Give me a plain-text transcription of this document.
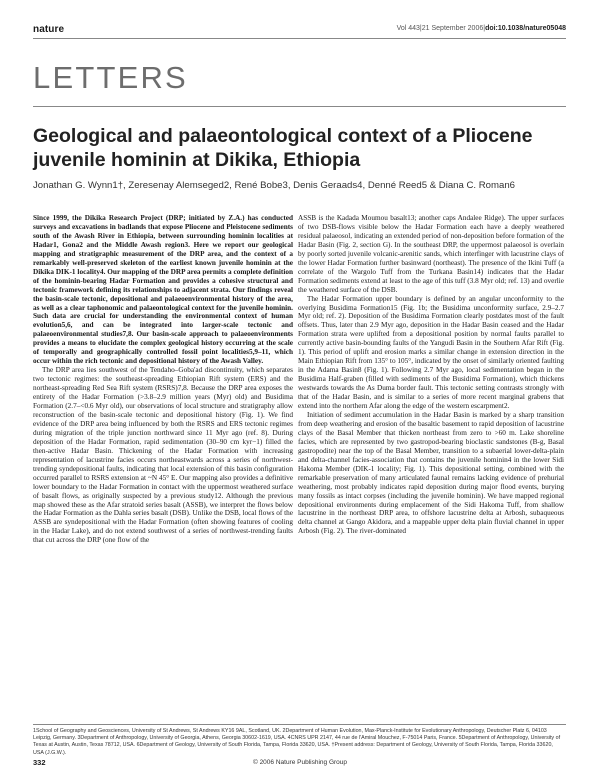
nature	Vol 443|21 September 2006|doi:10.1038/nature05048
LETTERS
Geological and palaeontological context of a Pliocene juvenile hominin at Dikika, Ethiopia
Jonathan G. Wynn1†, Zeresenay Alemseged2, René Bobe3, Denis Geraads4, Denné Reed5 & Diana C. Roman6

Since 1999, the Dikika Research Project (DRP; initiated by Z.A.) has conducted surveys and excavations in badlands that expose Pliocene and Pleistocene sediments south of the Awash River in Ethiopia, between surrounding hominin localities at Hadar1, Gona2 and the Middle Awash region3. Here we report our geological mapping and stratigraphic measurement of the DRP area, and the context of a remarkably well-preserved skeleton of the earliest known juvenile hominin at the Dikika DIK-1 locality4. Our mapping of the DRP area permits a complete definition of the hominin-bearing Hadar Formation and provides a cohesive structural and tectonic framework defining its relationships to adjacent strata. Our findings reveal the basin-scale tectonic, depositional and palaeoenvironmental history of the area, as well as a clear taphonomic and palaeontological context for the juvenile hominin. Such data are crucial for understanding the environmental context of human evolution5,6, and can be integrated into larger-scale tectonic and palaeoenvironmental studies7,8. Our basin-scale approach to palaeoenvironments provides a means to elucidate the complex geological history occurring at the scale of temporally and geographically controlled fossil point localities5,9–11, which occur within the rich tectonic and depositional history of the Awash Valley.

The DRP area lies southwest of the Tendaho–Goba'ad discontinuity, which separates two tectonic regimes: the southeast-spreading Ethiopian Rift system (ERS) and the northeast-spreading Red Sea Rift system (RSRS)7,8. Because the DRP area exposes the entirety of the Hadar Formation (>3.8–2.9 million years (Myr) old) and Busidima Formation (2.7–<0.6 Myr old), our observations of local structure and stratigraphy allow reconstruction of the basin-scale tectonic and depositional history (Fig. 1). We find evidence of the DRP area being influenced by both the RSRS and ERS tectonic regimes during migration of the triple junction northward since 11 Myr ago (ref. 8). During deposition of the Hadar Formation, rapid sedimentation (30–90 cm kyr−1) filled the then-active Hadar Basin. Thickening of the Hadar Formation with increasing representation of lacustrine facies occurs northeastwards across a series of northwest-trending syndepositional faults, indicating that local extension of this basin configuration occurred parallel to RSRS extension at ~N 45° E. Our mapping also provides a definitive lower boundary to the Hadar Formation in contact with the uppermost weathered surface of basalt flows, as originally suspected by a previous study12. Although the previous map showed these as the Afar stratoid series basalt (ASSB), we interpret the flows below the Hadar Formation as the Dahla series basalt (DSB). Unlike the DSB, local flows of the ASSB are syndepositional with the Hadar Formation (often showing features of cooling in the Hadar Lake), and do not extend southwest of a series of northwest-trending faults that cut across the DRP (one flow of the

ASSB is the Kadada Moumou basalt13; another caps Andalee Ridge). The upper surfaces of two DSB-flows visible below the Hadar Formation each have a deeply weathered residual palaeosol, indicating an extended period of non-deposition before formation of the Hadar Basin (Fig. 2, section G). In the southeast DRP, the uppermost palaeosol is overlain by poorly sorted juvenile volcanic-arenitic sands, which interfinger with lacustrine clays of the lower Hadar Formation further basinward (northeast). The presence of the Ikini Tuff (a correlate of the Wargolo Tuff from the Turkana Basin14) indicates that the Hadar Formation sediments extend at least to the age of this tuff (3.8 Myr old; ref. 13) and overlie the weathered surface of the DSB.

The Hadar Formation upper boundary is defined by an angular unconformity to the overlying Busidima Formation15 (Fig. 1b; the Busidima unconformity surface, 2.9–2.7 Myr old; ref. 2). Deposition of the Busidima Formation clearly postdates most of the fault offsets. Thus, later than 2.9 Myr ago, deposition in the Hadar Basin ceased and the Hadar Formation strata were uplifted from a depositional position by normal faults parallel to currently active basin-bounding faults of the Yangudi Basin in the Southern Afar Rift (Fig. 1). This period of uplift and erosion marks a similar change in extension direction in the Main Ethiopian Rift from 135° to 105°, indicated by the onset of similarly oriented faulting in the Adama Basin8 (Fig. 1). Following 2.7 Myr ago, local sedimentation began in the Busidima Half-graben (filled with sediments of the Busidima Formation), which thickens westwards towards the As Duma border fault. This tectonic setting contrasts strongly with that of the Hadar Basin, and is similar to a series of more recent marginal grabens that extend into the northern Afar along the edge of the western escarpment2.

Initiation of sediment accumulation in the Hadar Basin is marked by a sharp transition from deep weathering and erosion of the basaltic basement to rapid deposition of lacustrine clays of the Basal Member that thicken northeast from zero to >60 m. Lake shoreline facies, which are represented by two gastropod-bearing bioclastic sandstones (B-g, Basal gastropodite) near the top of the Basal Member, transition to a subaerial lower-delta-plain and delta-channel facies-association that contains the juvenile hominin4 in the lower Sidi Hakoma Member (DIK-1 locality; Fig. 1). This depositional setting, combined with the remarkable preservation of many articulated faunal remains lacking evidence of prehurial weathering, most probably indicates rapid deposition during major flood events, burying many fossils as intact corpses (including the juvenile hominin). We have mapped regional depositional environments during emplacement of the Sidi Hakoma Tuff, from shallow lacustrine in the northeast DRP area, to offshore lacustrine delta at Arbosh, subaqueous delta channel at Gango Akidora, and a mappable upper delta plain fluvial channel in upper Arbosh (Fig. 2). The river-dominated

1School of Geography and Geosciences, University of St Andrews, St Andrews KY16 9AL, Scotland, UK. 2Department of Human Evolution, Max-Planck-Institute for Evolutionary Anthropology, Deutscher Platz 6, 04103 Leipzig, Germany. 3Department of Anthropology, University of Georgia, Athens, Georgia 30602-1619, USA. 4CNRS UPR 2147, 44 rue de l'Amiral Mouchez, F-75014 Paris, France. 5Department of Anthropology, University of Texas at Austin, Austin, Texas 78712, USA. 6Department of Geology, University of South Florida, Tampa, Florida 33620, USA. †Present address: Department of Geology, University of South Florida, Tampa, Florida 33620, USA (J.G.W.).
332	© 2006 Nature Publishing Group
